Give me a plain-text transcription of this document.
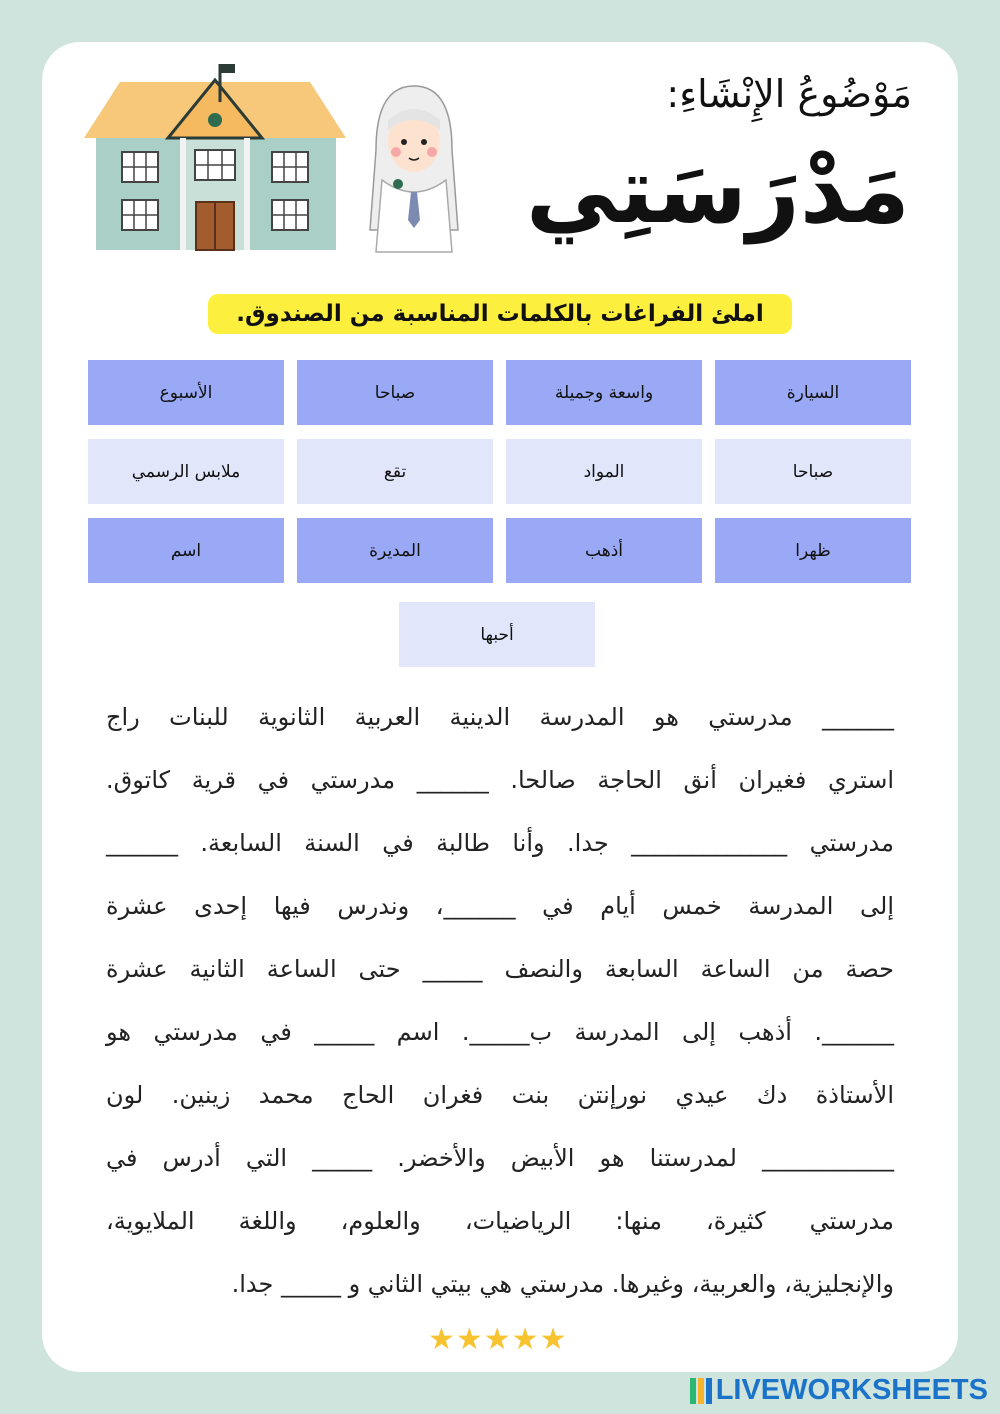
مَوْضُوعُ الإِنْشَاءِ:
مَدْرَسَتِي
املئ الفراغات بالكلمات المناسبة من الصندوق.
السيارة
واسعة وجميلة
صباحا
الأسبوع
صباحا
المواد
تقع
ملابس الرسمي
ظهرا
أذهب
المديرة
اسم
أحبها
______ مدرستي هو المدرسة الدينية العربية الثانوية للبنات راج
استري فغيران أنق الحاجة صالحا. ______ مدرستي في قرية كاتوق.
مدرستي _____________ جدا. وأنا طالبة في السنة السابعة. ______
إلى المدرسة خمس أيام في ______، وندرس فيها إحدى عشرة
حصة من الساعة السابعة والنصف _____ حتى الساعة الثانية عشرة
______. أذهب إلى المدرسة ب_____. اسم _____ في مدرستي هو
الأستاذة دك عيدي نورإنتن بنت فغران الحاج محمد زينين. لون
___________ لمدرستنا هو الأبيض والأخضر. _____ التي أدرس في
مدرستي كثيرة، منها: الرياضيات، والعلوم، واللغة الملايوية،
والإنجليزية، والعربية، وغيرها. مدرستي هي بيتي الثاني و _____ جدا.
★★★★★
LIVEWORKSHEETS
